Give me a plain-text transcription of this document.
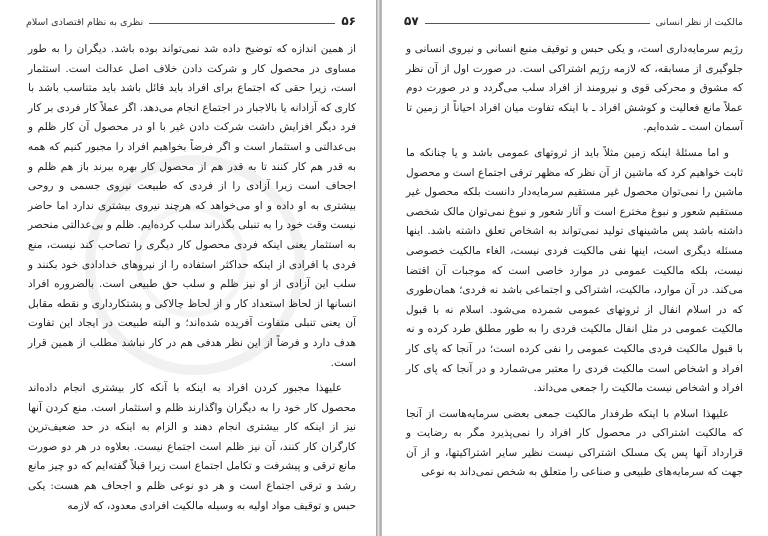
۵۶
نظری به نظام اقتصادی اسلام

از همین اندازه که توضیح داده شد نمی‌تواند بوده باشد. دیگران را به طور مساوی در محصول کار و شرکت دادن خلاف اصل عدالت است. استثمار است، زیرا حقی که اجتماع برای افراد باید قائل باشد باید متناسب باشد با کاری که آزادانه یا بالاجبار در اجتماع انجام می‌دهد. اگر عملاً کار فردی بر کار فرد دیگر افزایش داشت شرکت دادن غیر با او در محصول آن کار ظلم و بی‌عدالتی و استثمار است و اگر فرضاً بخواهیم افراد را مجبور کنیم که همه به قدر هم کار کنند تا به قدر هم از محصول کار بهره ببرند باز هم ظلم و اجحاف است زیرا آزادی را از فردی که طبیعت نیروی جسمی و روحی بیشتری به او داده و او می‌خواهد که هرچند نیروی بیشتری ندارد اما حاضر نیست وقت خود را به تنبلی بگذراند سلب کرده‌ایم. ظلم و بی‌عدالتی منحصر به استثمار یعنی اینکه فردی محصول کار دیگری را تصاحب کند نیست، منع فردی یا افرادی از اینکه حداکثر استفاده را از نیروهای خدادادی خود بکنند و سلب این آزادی از او نیز ظلم و سلب حق طبیعی است. بالضروره افراد انسانها از لحاظ استعداد کار و از لحاظ چالاکی و پشتکارداری و نقطه مقابل آن یعنی تنبلی متفاوت آفریده شده‌اند؛ و البته طبیعت در ایجاد این تفاوت هدف دارد و فرضاً از این نظر هدفی هم در کار نباشد مطلب از همین قرار است.

علیهذا مجبور کردن افراد به اینکه با آنکه کار بیشتری انجام داده‌اند محصول کار خود را به دیگران واگذارند ظلم و استثمار است. منع کردن آنها نیز از اینکه کار بیشتری انجام دهند و الزام به اینکه در حد ضعیف‌ترین کارگران کار کنند، آن نیز ظلم است اجتماع نیست. بعلاوه در هر دو صورت مانع ترقی و پیشرفت و تکامل اجتماع است زیرا قبلاً گفته‌ایم که دو چیز مانع رشد و ترقی اجتماع است و هر دو نوعی ظلم و اجحاف هم هست: یکی حبس و توقیف مواد اولیه به وسیله مالکیت افرادی معدود، که لازمه

مالکیت از نظر انسانی
۵۷

رژیم سرمایه‌داری است، و یکی حبس و توقیف منبع انسانی و نیروی انسانی و جلوگیری از مسابقه، که لازمه رژیم اشتراکی است. در صورت اول از آن نظر که مشوق و محرکی قوی و نیرومند از افراد سلب می‌گردد و در صورت دوم عملاً مانع فعالیت و کوشش افراد ـ با اینکه تفاوت میان افراد احیاناً از زمین تا آسمان است ـ شده‌ایم.

و اما مسئلهٔ اینکه زمین مثلاً باید از ثروتهای عمومی باشد و یا چنانکه ما ثابت خواهیم کرد که ماشین از آن نظر که مظهر ترقی اجتماع است و محصول ماشین را نمی‌توان محصول غیر مستقیم سرمایه‌دار دانست بلکه محصول غیر مستقیم شعور و نبوغ مخترع است و آثار شعور و نبوغ نمی‌توان مالک شخصی داشته باشد پس ماشینهای تولید نمی‌تواند به اشخاص تعلق داشته باشد. اینها مسئله دیگری است، اینها نفی مالکیت فردی نیست، الغاء مالکیت خصوصی نیست، بلکه مالکیت عمومی در موارد خاصی است که موجبات آن اقتضا می‌کند. در آن موارد، مالکیت، اشتراکی و اجتماعی باشد نه فردی؛ همان‌طوری که در اسلام انفال از ثروتهای عمومی شمرده می‌شود. اسلام نه با قبول مالکیت عمومی در مثل انفال مالکیت فردی را به طور مطلق طرد کرده و نه با قبول مالکیت فردی مالکیت عمومی را نفی کرده است؛ در آنجا که پای کار افراد و اشخاص است مالکیت فردی را معتبر می‌شمارد و در آنجا که پای کار افراد و اشخاص نیست مالکیت را جمعی می‌داند.

علیهذا اسلام با اینکه طرفدار مالکیت جمعی بعضی سرمایه‌هاست از آنجا که مالکیت اشتراکی در محصول کار افراد را نمی‌پذیرد مگر به رضایت و قرارداد آنها پس یک مسلک اشتراکی نیست نظیر سایر اشتراکیتها، و از آن جهت که سرمایه‌های طبیعی و صناعی را متعلق به شخص نمی‌داند به نوعی
